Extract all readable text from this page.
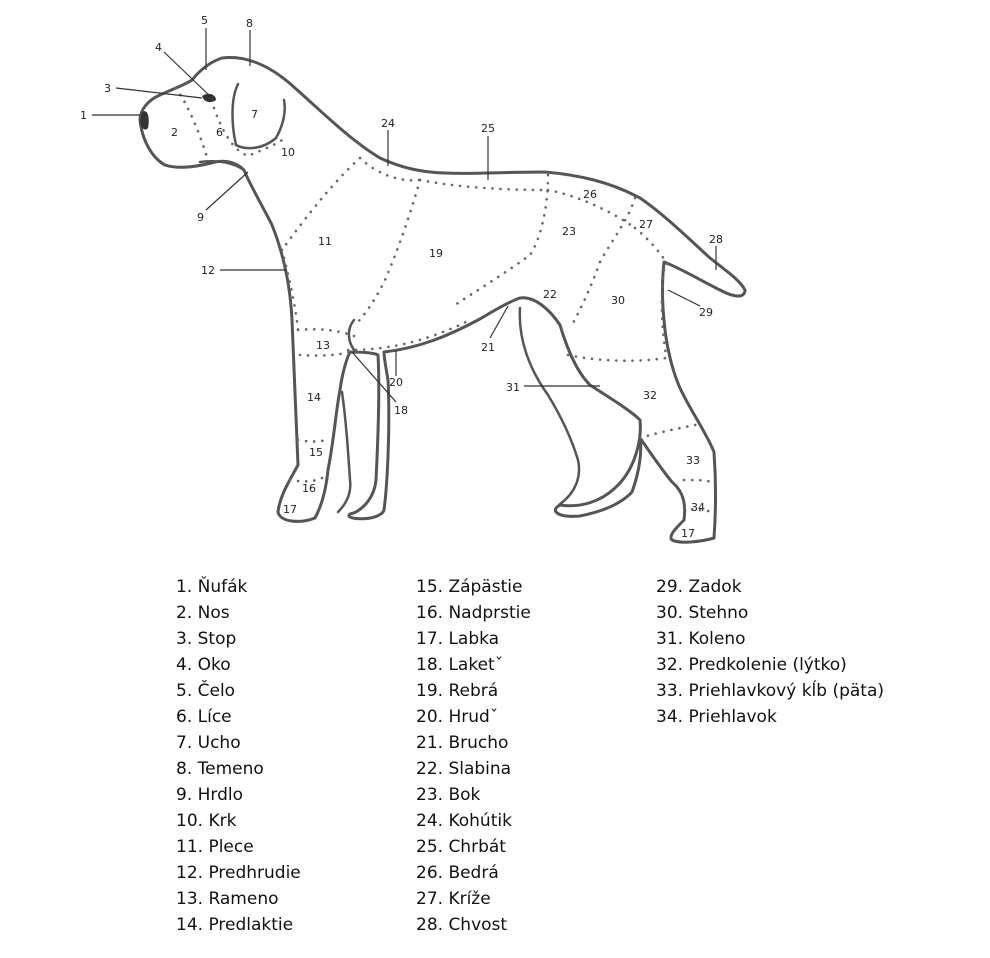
1
2
3
4
5
6
7
8
9
10
11
12
13
14
15
16
17
18
19
20
21
22
23
24	25
26
27
28
29
30
31
32
33
34
17
1. Ňufák
2. Nos
3. Stop
4. Oko
5. Čelo
6. Líce
7. Ucho
8. Temeno
9. Hrdlo
10. Krk
11. Plece
12. Predhrudie
13. Rameno
14. Predlaktie
15. Zápästie
16. Nadprstie
17. Labka
18. Laketˇ
19. Rebrá
20. Hrudˇ
21. Brucho
22. Slabina
23. Bok
24. Kohútik
25. Chrbát
26. Bedrá
27. Kríže
28. Chvost
29. Zadok
30. Stehno
31. Koleno
32. Predkolenie (lýtko)
33. Priehlavkový kĺb (päta)
34. Priehlavok
